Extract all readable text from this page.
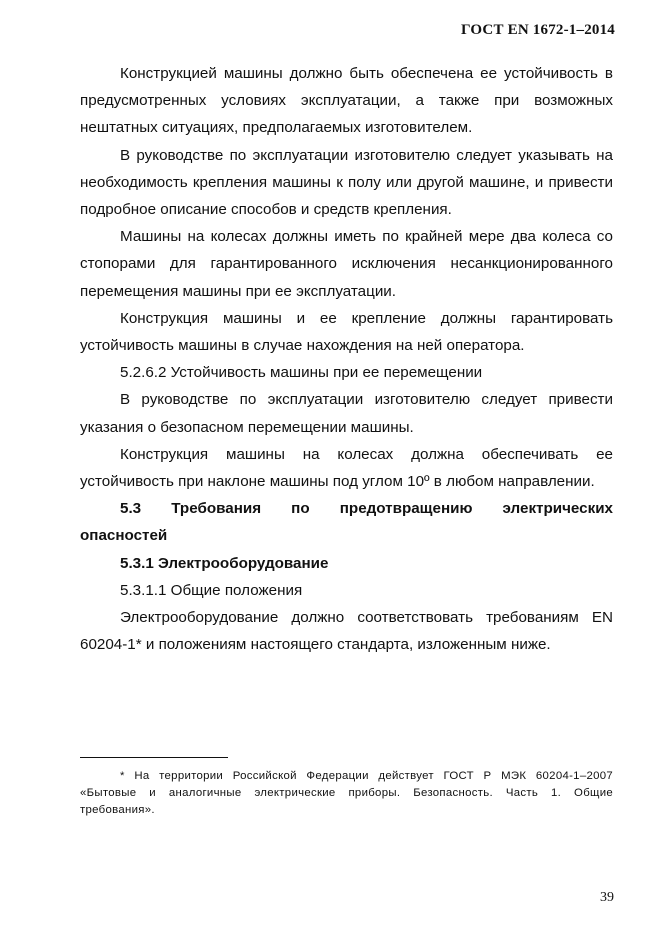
ГОСТ EN 1672-1–2014

Конструкцией машины должно быть обеспечена ее устойчивость в предусмотренных условиях эксплуатации, а также при возможных нештатных ситуациях, предполагаемых изготовителем.

В руководстве по эксплуатации изготовителю следует указывать на необходимость крепления машины к полу или другой машине, и привести подробное описание способов и средств крепления.

Машины на колесах должны иметь по крайней мере два колеса со стопорами для гарантированного исключения несанкционированного перемещения машины при ее эксплуатации.

Конструкция машины и ее крепление должны гарантировать устойчивость машины в случае нахождения на ней оператора.

5.2.6.2 Устойчивость машины при ее перемещении

В руководстве по эксплуатации изготовителю следует привести указания о безопасном перемещении машины.

Конструкция машины на колесах должна обеспечивать ее устойчивость при наклоне машины под углом 10º в любом направлении.

5.3 Требования по предотвращению электрических опасностей

5.3.1 Электрооборудование

5.3.1.1 Общие положения

Электрооборудование должно соответствовать требованиям EN 60204-1* и положениям настоящего стандарта, изложенным ниже.

* На территории Российской Федерации действует ГОСТ Р МЭК 60204-1–2007 «Бытовые и аналогичные электрические приборы. Безопасность. Часть 1. Общие требования».
39
